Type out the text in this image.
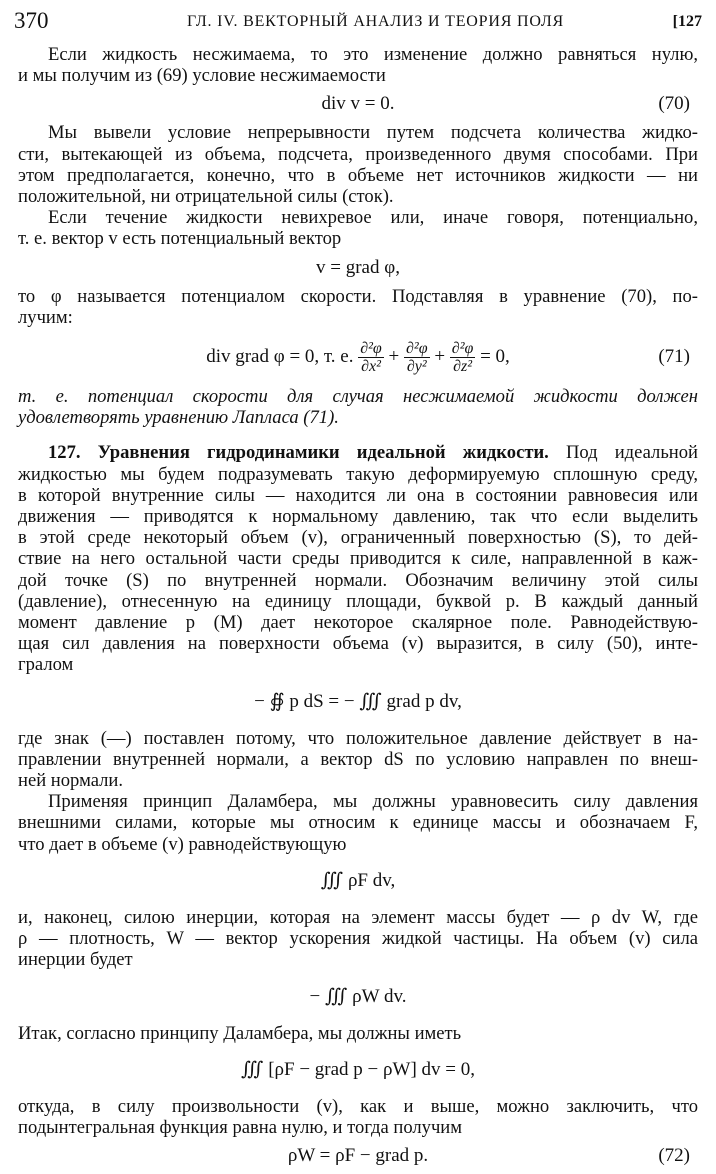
370	ГЛ. IV. ВЕКТОРНЫЙ АНАЛИЗ И ТЕОРИЯ ПОЛЯ	[127

Если жидкость несжимаема, то это изменение должно равняться нулю,

и мы получим из (69) условие несжимаемости

div v = 0.	(70)

Мы вывели условие непрерывности путем подсчета количества жидко-

сти, вытекающей из объема, подсчета, произведенного двумя способами. При

этом предполагается, конечно, что в объеме нет источников жидкости — ни

положительной, ни отрицательной силы (сток).

Если течение жидкости невихревое или, иначе говоря, потенциально,

т. е. вектор v есть потенциальный вектор

v = grad φ,

то φ называется потенциалом скорости. Подставляя в уравнение (70), по-

лучим:

div grad φ = 0, т. е. $\frac{\text{∂²φ}}{\text{∂x²}} + \frac{\text{∂²φ}}{\text{∂y²}} + \frac{\text{∂²φ}}{\text{∂z²}} = 0$,	(71)

т. е. потенциал скорости для случая несжимаемой жидкости должен

удовлетворять уравнению Лапласа (71).

127. Уравнения гидродинамики идеальной жидкости. Под идеальной

жидкостью мы будем подразумевать такую деформируемую сплошную среду,

в которой внутренние силы — находится ли она в состоянии равновесия или

движения — приводятся к нормальному давлению, так что если выделить

в этой среде некоторый объем (v), ограниченный поверхностью (S), то дей-

ствие на него остальной части среды приводится к силе, направленной в каж-

дой точке (S) по внутренней нормали. Обозначим величину этой силы

(давление), отнесенную на единицу площади, буквой p. В каждый данный

момент давление p (M) дает некоторое скалярное поле. Равнодействую-

щая сил давления на поверхности объема (v) выразится, в силу (50), инте-

гралом

− ∯ p dS = − ∭ grad p dv,

где знак (—) поставлен потому, что положительное давление действует в на-

правлении внутренней нормали, а вектор dS по условию направлен по внеш-

ней нормали.

Применяя принцип Даламбера, мы должны уравновесить силу давления

внешними силами, которые мы относим к единице массы и обозначаем F,

что дает в объеме (v) равнодействующую

∭ ρF dv,

и, наконец, силою инерции, которая на элемент массы будет — ρ dv W, где

ρ — плотность, W — вектор ускорения жидкой частицы. На объем (v) сила

инерции будет

− ∭ ρW dv.

Итак, согласно принципу Даламбера, мы должны иметь

∭ [ρF − grad p − ρW] dv = 0,

откуда, в силу произвольности (v), как и выше, можно заключить, что

подынтегральная функция равна нулю, и тогда получим

ρW = ρF − grad p.	(72)
